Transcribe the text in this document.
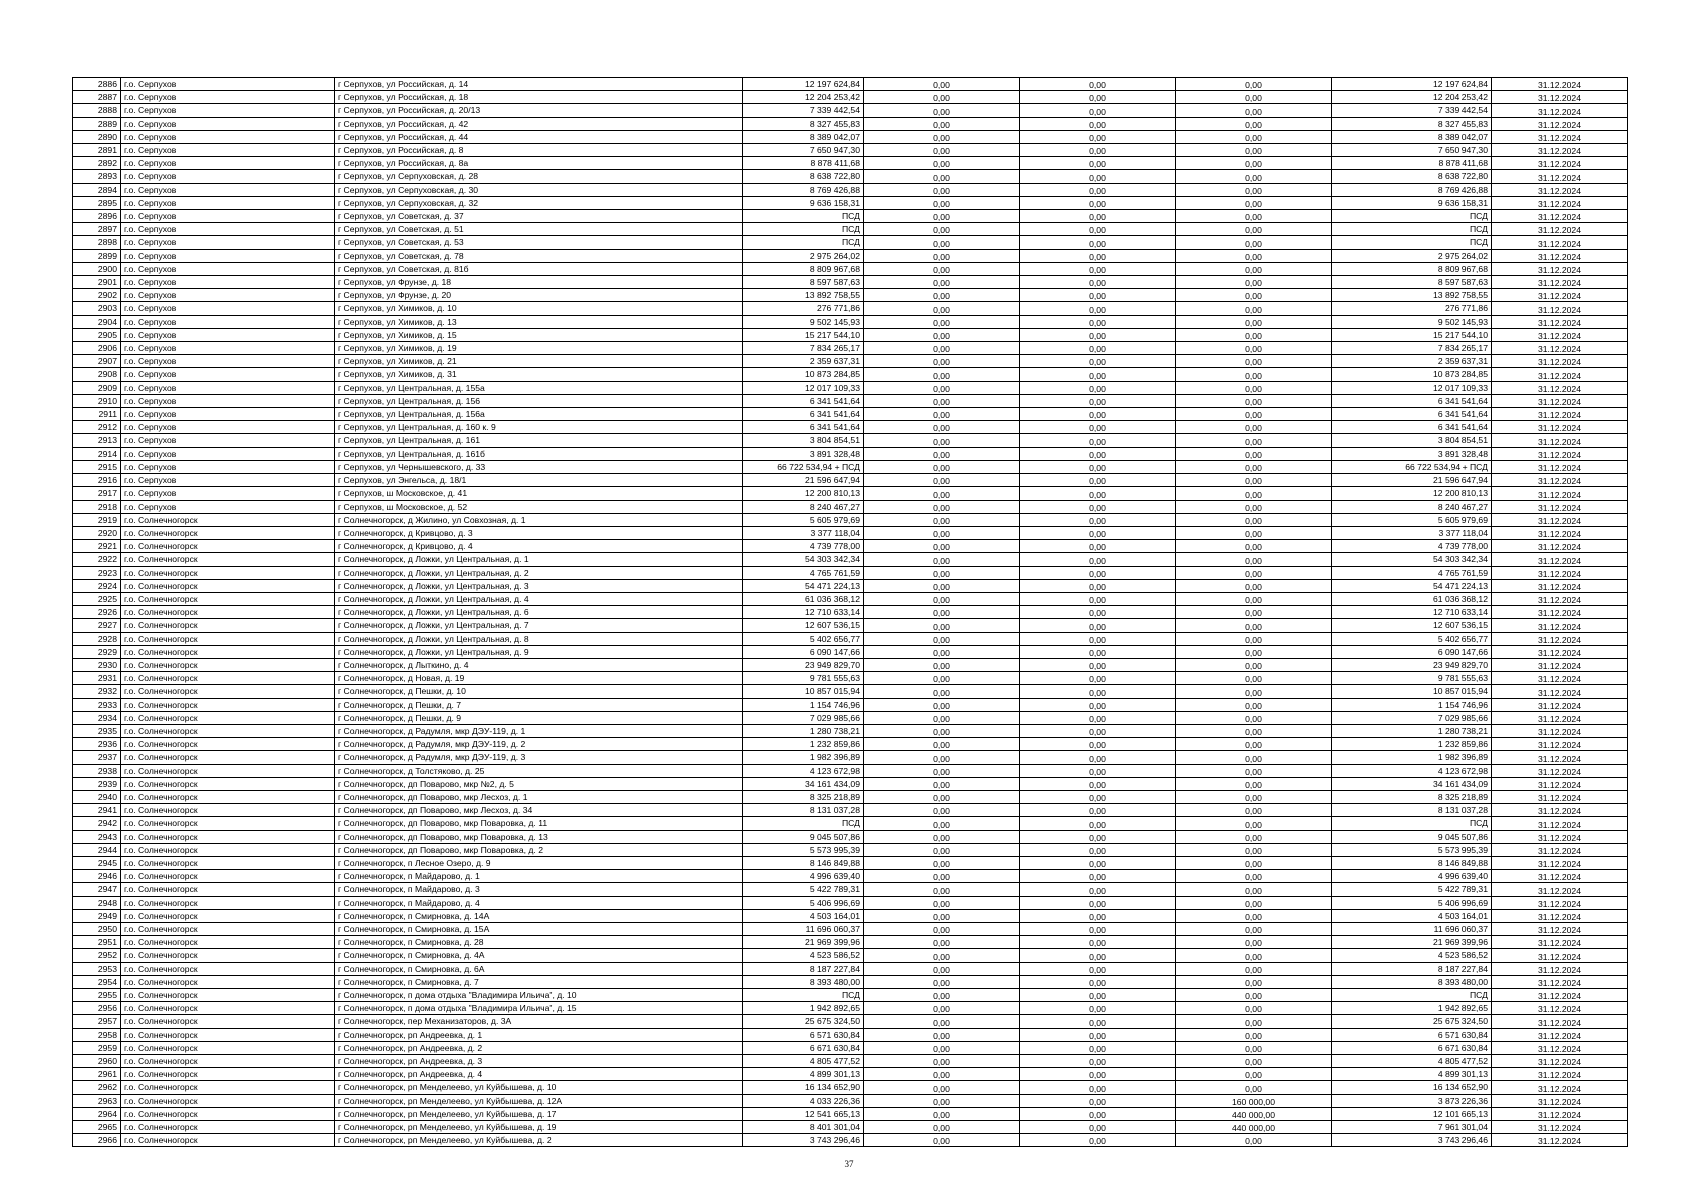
2886	г.о. Серпухов	г Серпухов, ул Российская, д. 14	12 197 624,84	0,00	0,00	0,00	12 197 624,84	31.12.2024
2887	г.о. Серпухов	г Серпухов, ул Российская, д. 18	12 204 253,42	0,00	0,00	0,00	12 204 253,42	31.12.2024
2888	г.о. Серпухов	г Серпухов, ул Российская, д. 20/13	7 339 442,54	0,00	0,00	0,00	7 339 442,54	31.12.2024
2889	г.о. Серпухов	г Серпухов, ул Российская, д. 42	8 327 455,83	0,00	0,00	0,00	8 327 455,83	31.12.2024
2890	г.о. Серпухов	г Серпухов, ул Российская, д. 44	8 389 042,07	0,00	0,00	0,00	8 389 042,07	31.12.2024
2891	г.о. Серпухов	г Серпухов, ул Российская, д. 8	7 650 947,30	0,00	0,00	0,00	7 650 947,30	31.12.2024
2892	г.о. Серпухов	г Серпухов, ул Российская, д. 8а	8 878 411,68	0,00	0,00	0,00	8 878 411,68	31.12.2024
2893	г.о. Серпухов	г Серпухов, ул Серпуховская, д. 28	8 638 722,80	0,00	0,00	0,00	8 638 722,80	31.12.2024
2894	г.о. Серпухов	г Серпухов, ул Серпуховская, д. 30	8 769 426,88	0,00	0,00	0,00	8 769 426,88	31.12.2024
2895	г.о. Серпухов	г Серпухов, ул Серпуховская, д. 32	9 636 158,31	0,00	0,00	0,00	9 636 158,31	31.12.2024
2896	г.о. Серпухов	г Серпухов, ул Советская, д. 37	ПСД	0,00	0,00	0,00	ПСД	31.12.2024
2897	г.о. Серпухов	г Серпухов, ул Советская, д. 51	ПСД	0,00	0,00	0,00	ПСД	31.12.2024
2898	г.о. Серпухов	г Серпухов, ул Советская, д. 53	ПСД	0,00	0,00	0,00	ПСД	31.12.2024
2899	г.о. Серпухов	г Серпухов, ул Советская, д. 78	2 975 264,02	0,00	0,00	0,00	2 975 264,02	31.12.2024
2900	г.о. Серпухов	г Серпухов, ул Советская, д. 81б	8 809 967,68	0,00	0,00	0,00	8 809 967,68	31.12.2024
2901	г.о. Серпухов	г Серпухов, ул Фрунзе, д. 18	8 597 587,63	0,00	0,00	0,00	8 597 587,63	31.12.2024
2902	г.о. Серпухов	г Серпухов, ул Фрунзе, д. 20	13 892 758,55	0,00	0,00	0,00	13 892 758,55	31.12.2024
2903	г.о. Серпухов	г Серпухов, ул Химиков, д. 10	276 771,86	0,00	0,00	0,00	276 771,86	31.12.2024
2904	г.о. Серпухов	г Серпухов, ул Химиков, д. 13	9 502 145,93	0,00	0,00	0,00	9 502 145,93	31.12.2024
2905	г.о. Серпухов	г Серпухов, ул Химиков, д. 15	15 217 544,10	0,00	0,00	0,00	15 217 544,10	31.12.2024
2906	г.о. Серпухов	г Серпухов, ул Химиков, д. 19	7 834 265,17	0,00	0,00	0,00	7 834 265,17	31.12.2024
2907	г.о. Серпухов	г Серпухов, ул Химиков, д. 21	2 359 637,31	0,00	0,00	0,00	2 359 637,31	31.12.2024
2908	г.о. Серпухов	г Серпухов, ул Химиков, д. 31	10 873 284,85	0,00	0,00	0,00	10 873 284,85	31.12.2024
2909	г.о. Серпухов	г Серпухов, ул Центральная, д. 155а	12 017 109,33	0,00	0,00	0,00	12 017 109,33	31.12.2024
2910	г.о. Серпухов	г Серпухов, ул Центральная, д. 156	6 341 541,64	0,00	0,00	0,00	6 341 541,64	31.12.2024
2911	г.о. Серпухов	г Серпухов, ул Центральная, д. 156а	6 341 541,64	0,00	0,00	0,00	6 341 541,64	31.12.2024
2912	г.о. Серпухов	г Серпухов, ул Центральная, д. 160 к. 9	6 341 541,64	0,00	0,00	0,00	6 341 541,64	31.12.2024
2913	г.о. Серпухов	г Серпухов, ул Центральная, д. 161	3 804 854,51	0,00	0,00	0,00	3 804 854,51	31.12.2024
2914	г.о. Серпухов	г Серпухов, ул Центральная, д. 161б	3 891 328,48	0,00	0,00	0,00	3 891 328,48	31.12.2024
2915	г.о. Серпухов	г Серпухов, ул Чернышевского, д. 33	66 722 534,94 + ПСД	0,00	0,00	0,00	66 722 534,94 + ПСД	31.12.2024
2916	г.о. Серпухов	г Серпухов, ул Энгельса, д. 18/1	21 596 647,94	0,00	0,00	0,00	21 596 647,94	31.12.2024
2917	г.о. Серпухов	г Серпухов, ш Московское, д. 41	12 200 810,13	0,00	0,00	0,00	12 200 810,13	31.12.2024
2918	г.о. Серпухов	г Серпухов, ш Московское, д. 52	8 240 467,27	0,00	0,00	0,00	8 240 467,27	31.12.2024
2919	г.о. Солнечногорск	г Солнечногорск, д Жилино, ул Совхозная, д. 1	5 605 979,69	0,00	0,00	0,00	5 605 979,69	31.12.2024
2920	г.о. Солнечногорск	г Солнечногорск, д Кривцово, д. 3	3 377 118,04	0,00	0,00	0,00	3 377 118,04	31.12.2024
2921	г.о. Солнечногорск	г Солнечногорск, д Кривцово, д. 4	4 739 778,00	0,00	0,00	0,00	4 739 778,00	31.12.2024
2922	г.о. Солнечногорск	г Солнечногорск, д Ложки, ул Центральная, д. 1	54 303 342,34	0,00	0,00	0,00	54 303 342,34	31.12.2024
2923	г.о. Солнечногорск	г Солнечногорск, д Ложки, ул Центральная, д. 2	4 765 761,59	0,00	0,00	0,00	4 765 761,59	31.12.2024
2924	г.о. Солнечногорск	г Солнечногорск, д Ложки, ул Центральная, д. 3	54 471 224,13	0,00	0,00	0,00	54 471 224,13	31.12.2024
2925	г.о. Солнечногорск	г Солнечногорск, д Ложки, ул Центральная, д. 4	61 036 368,12	0,00	0,00	0,00	61 036 368,12	31.12.2024
2926	г.о. Солнечногорск	г Солнечногорск, д Ложки, ул Центральная, д. 6	12 710 633,14	0,00	0,00	0,00	12 710 633,14	31.12.2024
2927	г.о. Солнечногорск	г Солнечногорск, д Ложки, ул Центральная, д. 7	12 607 536,15	0,00	0,00	0,00	12 607 536,15	31.12.2024
2928	г.о. Солнечногорск	г Солнечногорск, д Ложки, ул Центральная, д. 8	5 402 656,77	0,00	0,00	0,00	5 402 656,77	31.12.2024
2929	г.о. Солнечногорск	г Солнечногорск, д Ложки, ул Центральная, д. 9	6 090 147,66	0,00	0,00	0,00	6 090 147,66	31.12.2024
2930	г.о. Солнечногорск	г Солнечногорск, д Лыткино, д. 4	23 949 829,70	0,00	0,00	0,00	23 949 829,70	31.12.2024
2931	г.о. Солнечногорск	г Солнечногорск, д Новая, д. 19	9 781 555,63	0,00	0,00	0,00	9 781 555,63	31.12.2024
2932	г.о. Солнечногорск	г Солнечногорск, д Пешки, д. 10	10 857 015,94	0,00	0,00	0,00	10 857 015,94	31.12.2024
2933	г.о. Солнечногорск	г Солнечногорск, д Пешки, д. 7	1 154 746,96	0,00	0,00	0,00	1 154 746,96	31.12.2024
2934	г.о. Солнечногорск	г Солнечногорск, д Пешки, д. 9	7 029 985,66	0,00	0,00	0,00	7 029 985,66	31.12.2024
2935	г.о. Солнечногорск	г Солнечногорск, д Радумля, мкр ДЭУ-119, д. 1	1 280 738,21	0,00	0,00	0,00	1 280 738,21	31.12.2024
2936	г.о. Солнечногорск	г Солнечногорск, д Радумля, мкр ДЭУ-119, д. 2	1 232 859,86	0,00	0,00	0,00	1 232 859,86	31.12.2024
2937	г.о. Солнечногорск	г Солнечногорск, д Радумля, мкр ДЭУ-119, д. 3	1 982 396,89	0,00	0,00	0,00	1 982 396,89	31.12.2024
2938	г.о. Солнечногорск	г Солнечногорск, д Толстяково, д. 25	4 123 672,98	0,00	0,00	0,00	4 123 672,98	31.12.2024
2939	г.о. Солнечногорск	г Солнечногорск, дп Поварово, мкр №2, д. 5	34 161 434,09	0,00	0,00	0,00	34 161 434,09	31.12.2024
2940	г.о. Солнечногорск	г Солнечногорск, дп Поварово, мкр Лесхоз, д. 1	8 325 218,89	0,00	0,00	0,00	8 325 218,89	31.12.2024
2941	г.о. Солнечногорск	г Солнечногорск, дп Поварово, мкр Лесхоз, д. 34	8 131 037,28	0,00	0,00	0,00	8 131 037,28	31.12.2024
2942	г.о. Солнечногорск	г Солнечногорск, дп Поварово, мкр Поваровка, д. 11	ПСД	0,00	0,00	0,00	ПСД	31.12.2024
2943	г.о. Солнечногорск	г Солнечногорск, дп Поварово, мкр Поваровка, д. 13	9 045 507,86	0,00	0,00	0,00	9 045 507,86	31.12.2024
2944	г.о. Солнечногорск	г Солнечногорск, дп Поварово, мкр Поваровка, д. 2	5 573 995,39	0,00	0,00	0,00	5 573 995,39	31.12.2024
2945	г.о. Солнечногорск	г Солнечногорск, п Лесное Озеро, д. 9	8 146 849,88	0,00	0,00	0,00	8 146 849,88	31.12.2024
2946	г.о. Солнечногорск	г Солнечногорск, п Майдарово, д. 1	4 996 639,40	0,00	0,00	0,00	4 996 639,40	31.12.2024
2947	г.о. Солнечногорск	г Солнечногорск, п Майдарово, д. 3	5 422 789,31	0,00	0,00	0,00	5 422 789,31	31.12.2024
2948	г.о. Солнечногорск	г Солнечногорск, п Майдарово, д. 4	5 406 996,69	0,00	0,00	0,00	5 406 996,69	31.12.2024
2949	г.о. Солнечногорск	г Солнечногорск, п Смирновка, д. 14А	4 503 164,01	0,00	0,00	0,00	4 503 164,01	31.12.2024
2950	г.о. Солнечногорск	г Солнечногорск, п Смирновка, д. 15А	11 696 060,37	0,00	0,00	0,00	11 696 060,37	31.12.2024
2951	г.о. Солнечногорск	г Солнечногорск, п Смирновка, д. 28	21 969 399,96	0,00	0,00	0,00	21 969 399,96	31.12.2024
2952	г.о. Солнечногорск	г Солнечногорск, п Смирновка, д. 4А	4 523 586,52	0,00	0,00	0,00	4 523 586,52	31.12.2024
2953	г.о. Солнечногорск	г Солнечногорск, п Смирновка, д. 6А	8 187 227,84	0,00	0,00	0,00	8 187 227,84	31.12.2024
2954	г.о. Солнечногорск	г Солнечногорск, п Смирновка, д. 7	8 393 480,00	0,00	0,00	0,00	8 393 480,00	31.12.2024
2955	г.о. Солнечногорск	г Солнечногорск, п дома отдыха "Владимира Ильича", д. 10	ПСД	0,00	0,00	0,00	ПСД	31.12.2024
2956	г.о. Солнечногорск	г Солнечногорск, п дома отдыха "Владимира Ильича", д. 15	1 942 892,65	0,00	0,00	0,00	1 942 892,65	31.12.2024
2957	г.о. Солнечногорск	г Солнечногорск, пер Механизаторов, д. 3А	25 675 324,50	0,00	0,00	0,00	25 675 324,50	31.12.2024
2958	г.о. Солнечногорск	г Солнечногорск, рп Андреевка, д. 1	6 571 630,84	0,00	0,00	0,00	6 571 630,84	31.12.2024
2959	г.о. Солнечногорск	г Солнечногорск, рп Андреевка, д. 2	6 671 630,84	0,00	0,00	0,00	6 671 630,84	31.12.2024
2960	г.о. Солнечногорск	г Солнечногорск, рп Андреевка, д. 3	4 805 477,52	0,00	0,00	0,00	4 805 477,52	31.12.2024
2961	г.о. Солнечногорск	г Солнечногорск, рп Андреевка, д. 4	4 899 301,13	0,00	0,00	0,00	4 899 301,13	31.12.2024
2962	г.о. Солнечногорск	г Солнечногорск, рп Менделеево, ул Куйбышева, д. 10	16 134 652,90	0,00	0,00	0,00	16 134 652,90	31.12.2024
2963	г.о. Солнечногорск	г Солнечногорск, рп Менделеево, ул Куйбышева, д. 12А	4 033 226,36	0,00	0,00	160 000,00	3 873 226,36	31.12.2024
2964	г.о. Солнечногорск	г Солнечногорск, рп Менделеево, ул Куйбышева, д. 17	12 541 665,13	0,00	0,00	440 000,00	12 101 665,13	31.12.2024
2965	г.о. Солнечногорск	г Солнечногорск, рп Менделеево, ул Куйбышева, д. 19	8 401 301,04	0,00	0,00	440 000,00	7 961 301,04	31.12.2024
2966	г.о. Солнечногорск	г Солнечногорск, рп Менделеево, ул Куйбышева, д. 2	3 743 296,46	0,00	0,00	0,00	3 743 296,46	31.12.2024
37
